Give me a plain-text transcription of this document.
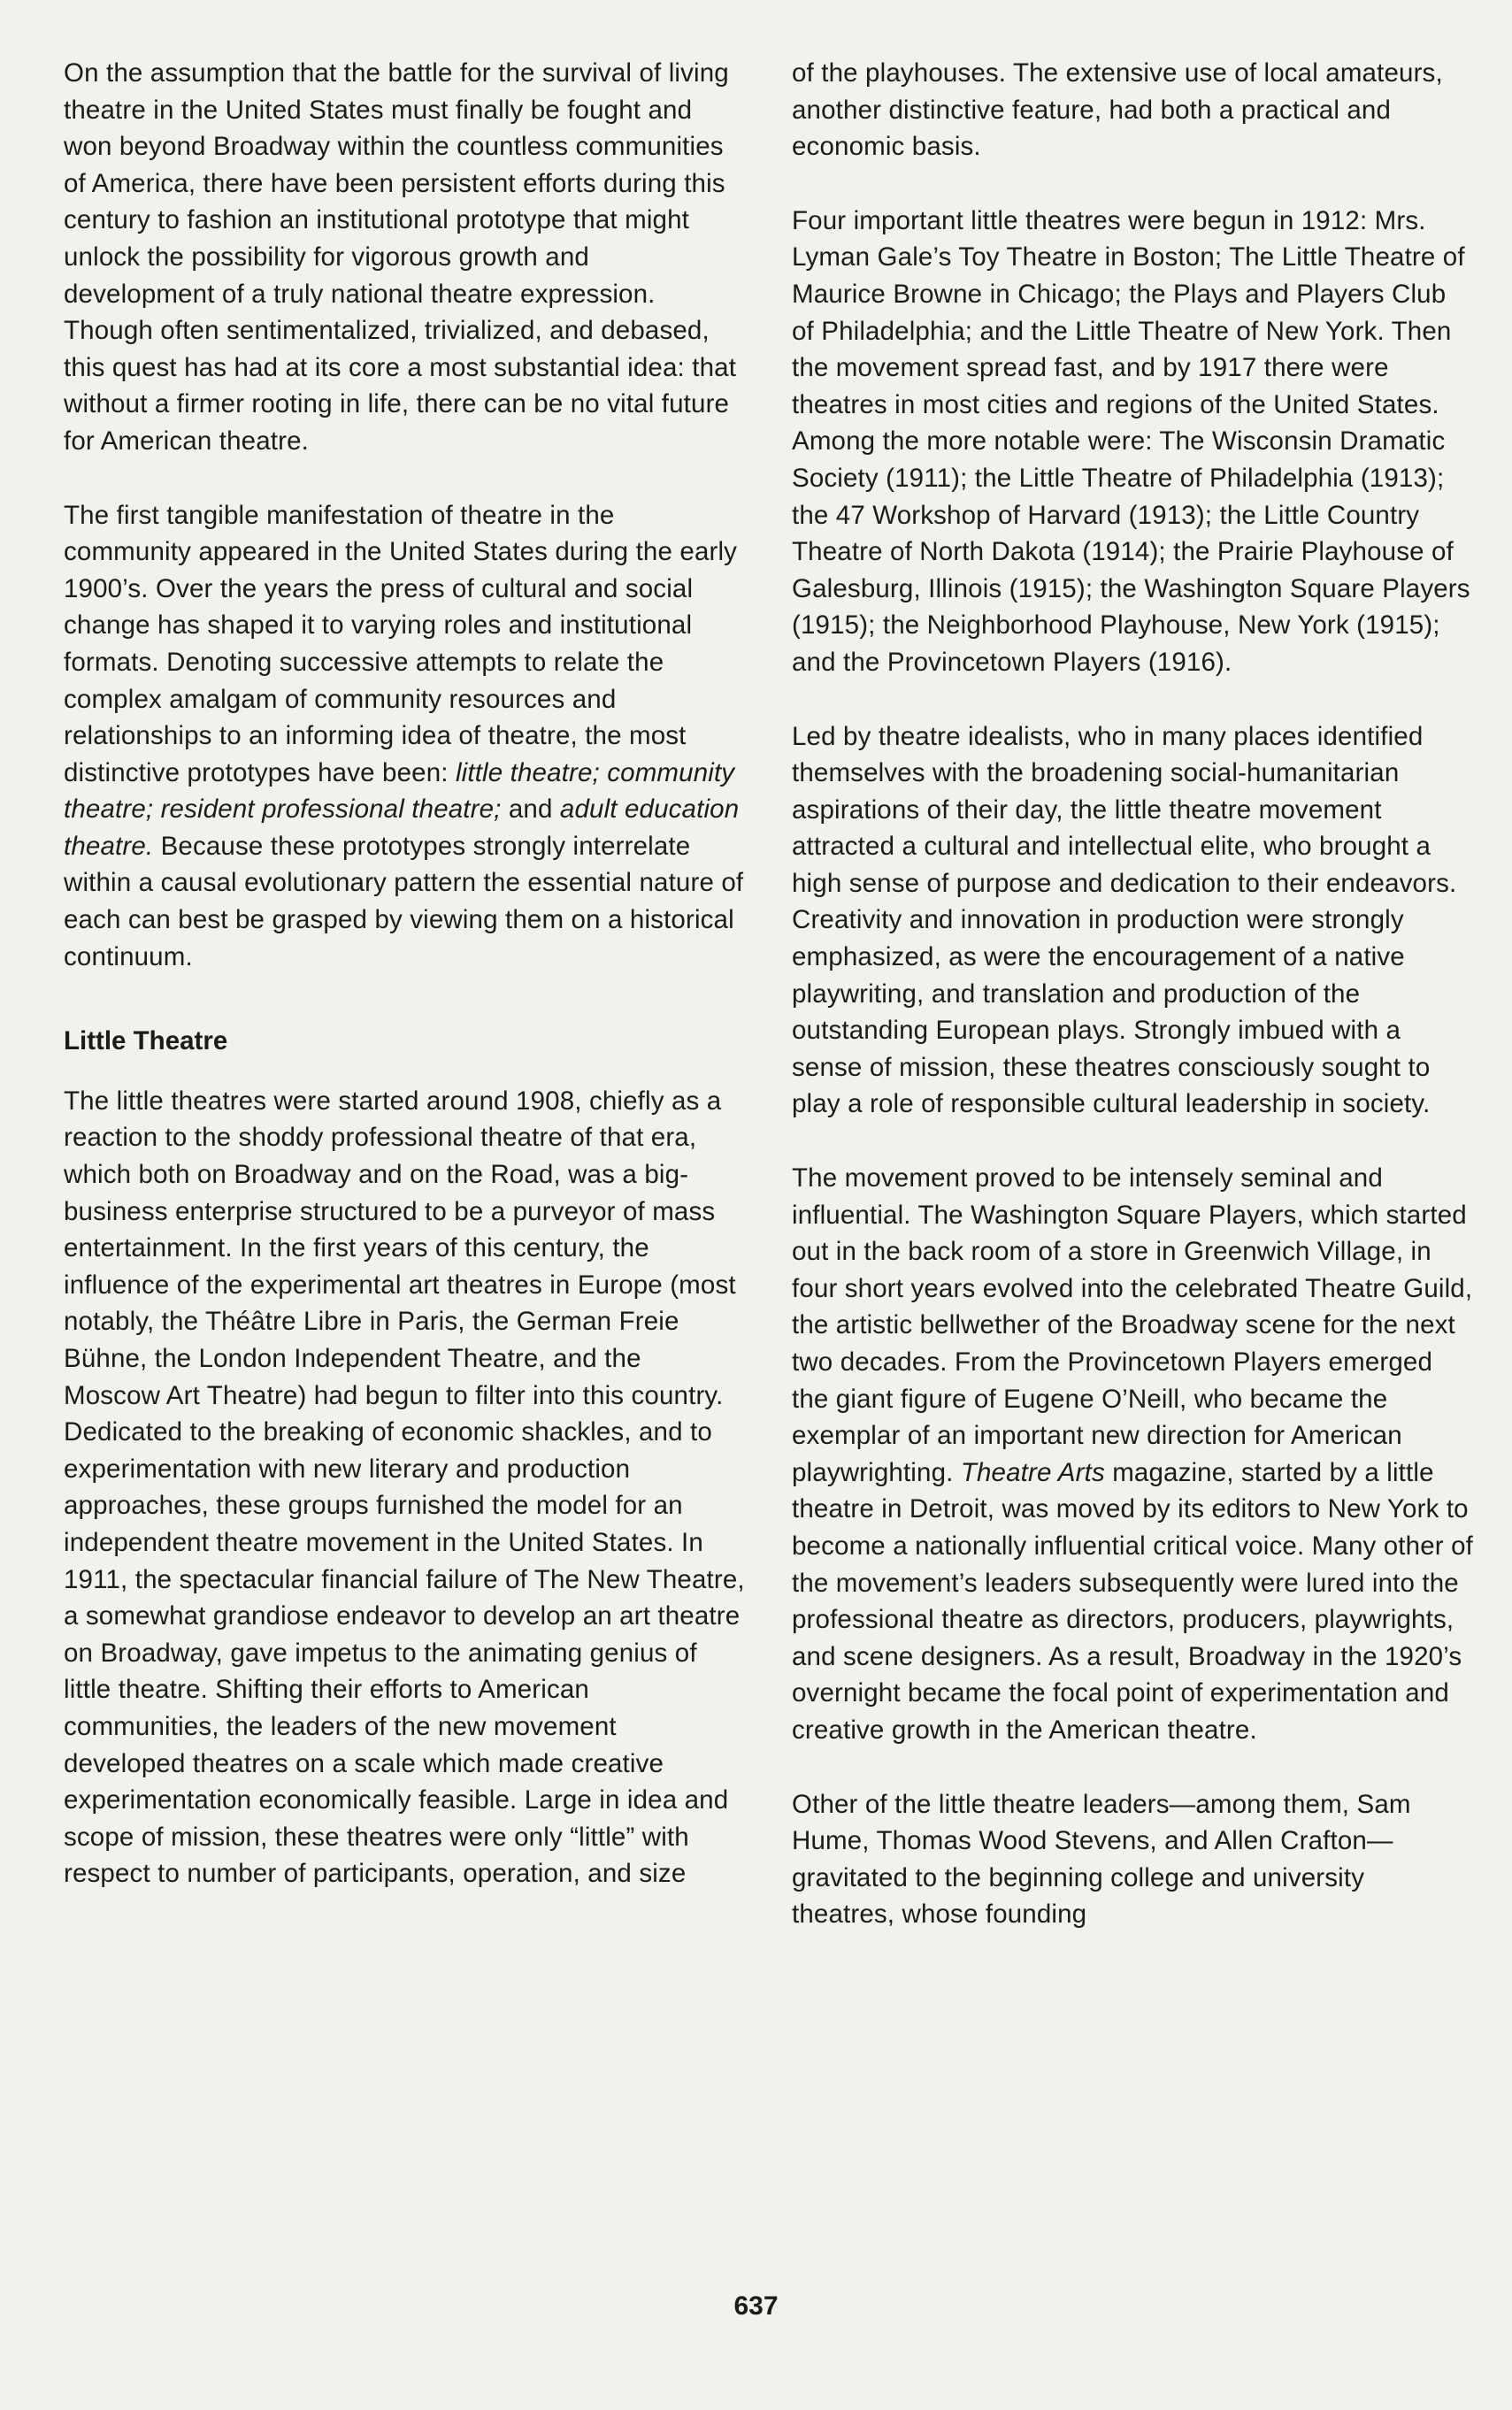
On the assumption that the battle for the survival of living theatre in the United States must finally be fought and won beyond Broadway within the countless communities of America, there have been persistent efforts during this century to fashion an institutional prototype that might unlock the possibility for vigorous growth and development of a truly national theatre expression. Though often sentimentalized, trivialized, and debased, this quest has had at its core a most substantial idea: that without a firmer rooting in life, there can be no vital future for American theatre.

The first tangible manifestation of theatre in the community appeared in the United States during the early 1900’s. Over the years the press of cultural and social change has shaped it to varying roles and institutional formats. Denoting successive attempts to relate the complex amalgam of community resources and relationships to an informing idea of theatre, the most distinctive prototypes have been: little theatre; community theatre; resident professional theatre; and adult education theatre. Because these prototypes strongly interrelate within a causal evolutionary pattern the essential nature of each can best be grasped by viewing them on a historical continuum.

Little Theatre

The little theatres were started around 1908, chiefly as a reaction to the shoddy professional theatre of that era, which both on Broadway and on the Road, was a big-business enterprise structured to be a purveyor of mass entertainment. In the first years of this century, the influence of the experimental art theatres in Europe (most notably, the Théâtre Libre in Paris, the German Freie Bühne, the London Independent Theatre, and the Moscow Art Theatre) had begun to filter into this country. Dedicated to the breaking of economic shackles, and to experimentation with new literary and production approaches, these groups furnished the model for an independent theatre movement in the United States. In 1911, the spectacular financial failure of The New Theatre, a somewhat grandiose endeavor to develop an art theatre on Broadway, gave impetus to the animating genius of little theatre. Shifting their efforts to American communities, the leaders of the new movement developed theatres on a scale which made creative experimentation economically feasible. Large in idea and scope of mission, these theatres were only “little” with respect to number of participants, operation, and size

of the playhouses. The extensive use of local amateurs, another distinctive feature, had both a practical and economic basis.

Four important little theatres were begun in 1912: Mrs. Lyman Gale’s Toy Theatre in Boston; The Little Theatre of Maurice Browne in Chicago; the Plays and Players Club of Philadelphia; and the Little Theatre of New York. Then the movement spread fast, and by 1917 there were theatres in most cities and regions of the United States. Among the more notable were: The Wisconsin Dramatic Society (1911); the Little Theatre of Philadelphia (1913); the 47 Workshop of Harvard (1913); the Little Country Theatre of North Dakota (1914); the Prairie Playhouse of Galesburg, Illinois (1915); the Washington Square Players (1915); the Neighborhood Playhouse, New York (1915); and the Provincetown Players (1916).

Led by theatre idealists, who in many places identified themselves with the broadening social-humanitarian aspirations of their day, the little theatre movement attracted a cultural and intellectual elite, who brought a high sense of purpose and dedication to their endeavors. Creativity and innovation in production were strongly emphasized, as were the encouragement of a native playwriting, and translation and production of the outstanding European plays. Strongly imbued with a sense of mission, these theatres consciously sought to play a role of responsible cultural leadership in society.

The movement proved to be intensely seminal and influential. The Washington Square Players, which started out in the back room of a store in Greenwich Village, in four short years evolved into the celebrated Theatre Guild, the artistic bellwether of the Broadway scene for the next two decades. From the Provincetown Players emerged the giant figure of Eugene O’Neill, who became the exemplar of an important new direction for American playwrighting. Theatre Arts magazine, started by a little theatre in Detroit, was moved by its editors to New York to become a nationally influential critical voice. Many other of the movement’s leaders subsequently were lured into the professional theatre as directors, producers, playwrights, and scene designers. As a result, Broadway in the 1920’s overnight became the focal point of experimentation and creative growth in the American theatre.

Other of the little theatre leaders—among them, Sam Hume, Thomas Wood Stevens, and Allen Crafton—gravitated to the beginning college and university theatres, whose founding

637
